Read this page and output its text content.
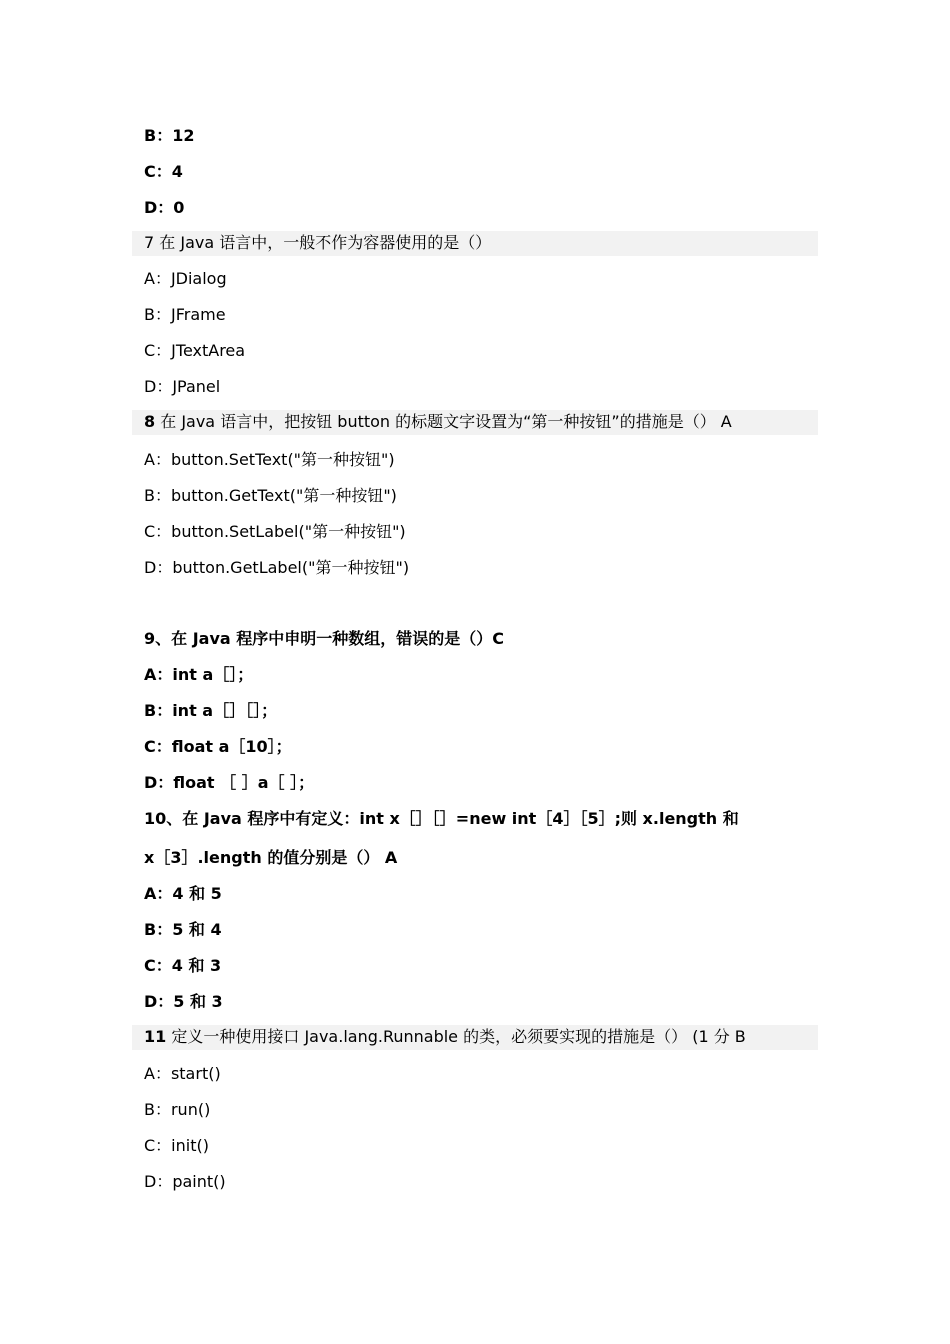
B：12
C：4
D：0
7 在 Java 语言中，一般不作为容器使用的是（）
A：JDialog
B：JFrame
C：JTextArea
D：JPanel
8 在 Java 语言中，把按钮 button 的标题文字设置为“第一种按钮”的措施是（） A
A：button.SetText("第一种按钮")
B：button.GetText("第一种按钮")
C：button.SetLabel("第一种按钮")
D：button.GetLabel("第一种按钮")
9、在 Java 程序中申明一种数组，错误的是（）C
A：int a［］；
B：int a［］［］；
C：float a［10］；
D：float ［ ］a［ ］；
10、在 Java 程序中有定义：int x［］［］=new int［4］［5］;则 x.length 和
x［3］.length 的值分别是（） A
A：4 和 5
B：5 和 4
C：4 和 3
D：5 和 3
11 定义一种使用接口 Java.lang.Runnable 的类，必须要实现的措施是（） (1 分 B
A：start()
B：run()
C：init()
D：paint()
